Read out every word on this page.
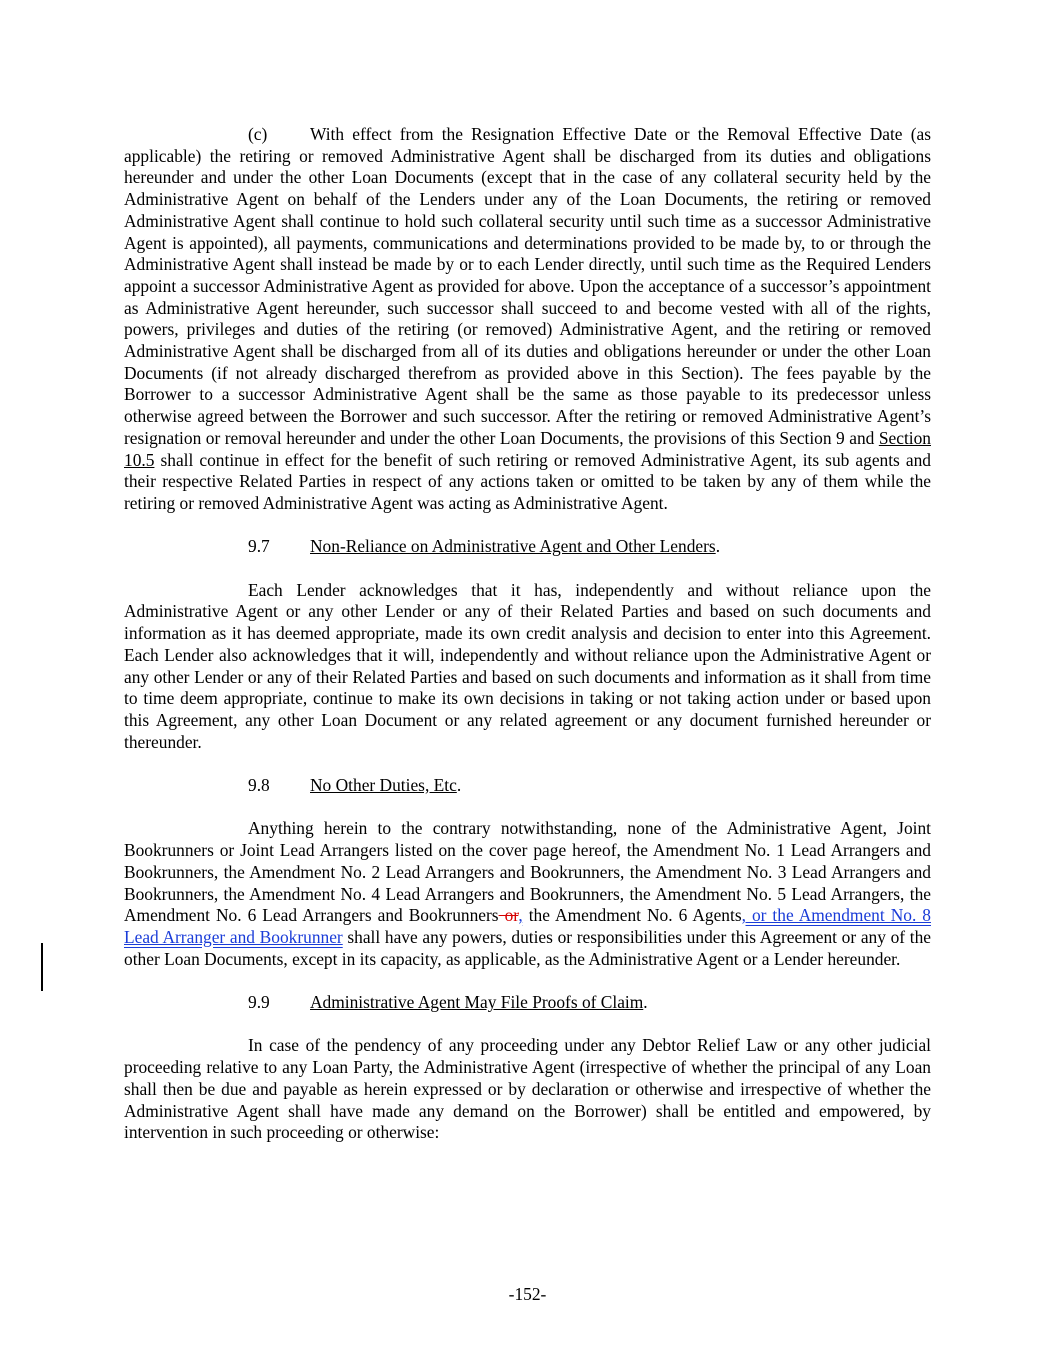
(c) With effect from the Resignation Effective Date or the Removal Effective Date (as applicable) the retiring or removed Administrative Agent shall be discharged from its duties and obligations hereunder and under the other Loan Documents (except that in the case of any collateral security held by the Administrative Agent on behalf of the Lenders under any of the Loan Documents, the retiring or removed Administrative Agent shall continue to hold such collateral security until such time as a successor Administrative Agent is appointed), all payments, communications and determinations provided to be made by, to or through the Administrative Agent shall instead be made by or to each Lender directly, until such time as the Required Lenders appoint a successor Administrative Agent as provided for above. Upon the acceptance of a successor’s appointment as Administrative Agent hereunder, such successor shall succeed to and become vested with all of the rights, powers, privileges and duties of the retiring (or removed) Administrative Agent, and the retiring or removed Administrative Agent shall be discharged from all of its duties and obligations hereunder or under the other Loan Documents (if not already discharged therefrom as provided above in this Section). The fees payable by the Borrower to a successor Administrative Agent shall be the same as those payable to its predecessor unless otherwise agreed between the Borrower and such successor. After the retiring or removed Administrative Agent’s resignation or removal hereunder and under the other Loan Documents, the provisions of this Section 9 and Section 10.5 shall continue in effect for the benefit of such retiring or removed Administrative Agent, its sub agents and their respective Related Parties in respect of any actions taken or omitted to be taken by any of them while the retiring or removed Administrative Agent was acting as Administrative Agent.

9.7 Non-Reliance on Administrative Agent and Other Lenders.

Each Lender acknowledges that it has, independently and without reliance upon the Administrative Agent or any other Lender or any of their Related Parties and based on such documents and information as it has deemed appropriate, made its own credit analysis and decision to enter into this Agreement. Each Lender also acknowledges that it will, independently and without reliance upon the Administrative Agent or any other Lender or any of their Related Parties and based on such documents and information as it shall from time to time deem appropriate, continue to make its own decisions in taking or not taking action under or based upon this Agreement, any other Loan Document or any related agreement or any document furnished hereunder or thereunder.

9.8 No Other Duties, Etc.

Anything herein to the contrary notwithstanding, none of the Administrative Agent, Joint Bookrunners or Joint Lead Arrangers listed on the cover page hereof, the Amendment No. 1 Lead Arrangers and Bookrunners, the Amendment No. 2 Lead Arrangers and Bookrunners, the Amendment No. 3 Lead Arrangers and Bookrunners, the Amendment No. 4 Lead Arrangers and Bookrunners, the Amendment No. 5 Lead Arrangers, the Amendment No. 6 Lead Arrangers and Bookrunners or, the Amendment No. 6 Agents, or the Amendment No. 8 Lead Arranger and Bookrunner shall have any powers, duties or responsibilities under this Agreement or any of the other Loan Documents, except in its capacity, as applicable, as the Administrative Agent or a Lender hereunder.

9.9 Administrative Agent May File Proofs of Claim.

In case of the pendency of any proceeding under any Debtor Relief Law or any other judicial proceeding relative to any Loan Party, the Administrative Agent (irrespective of whether the principal of any Loan shall then be due and payable as herein expressed or by declaration or otherwise and irrespective of whether the Administrative Agent shall have made any demand on the Borrower) shall be entitled and empowered, by intervention in such proceeding or otherwise:

-152-
